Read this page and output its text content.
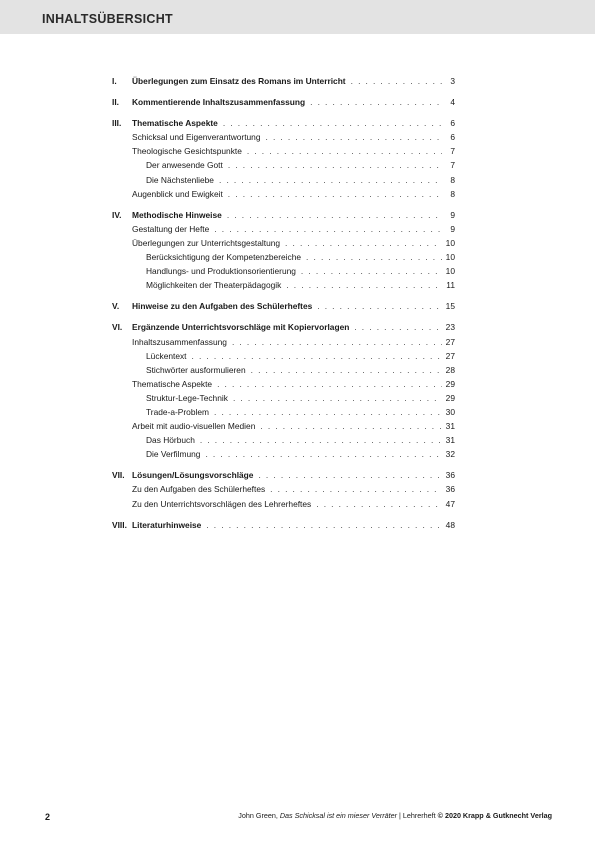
INHALTSÜBERSICHT
I. Überlegungen zum Einsatz des Romans im Unterricht . . .	3
II. Kommentierende Inhaltszusammenfassung . . .	4
III. Thematische Aspekte . . .	6
Schicksal und Eigenverantwortung . . .	6
Theologische Gesichtspunkte . . .	7
Der anwesende Gott . . .	7
Die Nächstenliebe . . .	8
Augenblick und Ewigkeit . . .	8
IV. Methodische Hinweise . . .	9
Gestaltung der Hefte . . .	9
Überlegungen zur Unterrichtsgestaltung . . .	10
Berücksichtigung der Kompetenzbereiche . . .	10
Handlungs- und Produktionsorientierung . . .	10
Möglichkeiten der Theaterpädagogik . . .	11
V. Hinweise zu den Aufgaben des Schülerheftes . . .	15
VI. Ergänzende Unterrichtsvorschläge mit Kopiervorlagen . . .	23
Inhaltszusammenfassung . . .	27
Lückentext . . .	27
Stichwörter ausformulieren . . .	28
Thematische Aspekte . . .	29
Struktur-Lege-Technik . . .	29
Trade-a-Problem . . .	30
Arbeit mit audio-visuellen Medien . . .	31
Das Hörbuch . . .	31
Die Verfilmung . . .	32
VII. Lösungen/Lösungsvorschläge . . .	36
Zu den Aufgaben des Schülerheftes . . .	36
Zu den Unterrichtsvorschlägen des Lehrerheftes . . .	47
VIII. Literaturhinweise . . .	48
2	John Green, Das Schicksal ist ein mieser Verräter | Lehrerheft © 2020 Krapp & Gutknecht Verlag
